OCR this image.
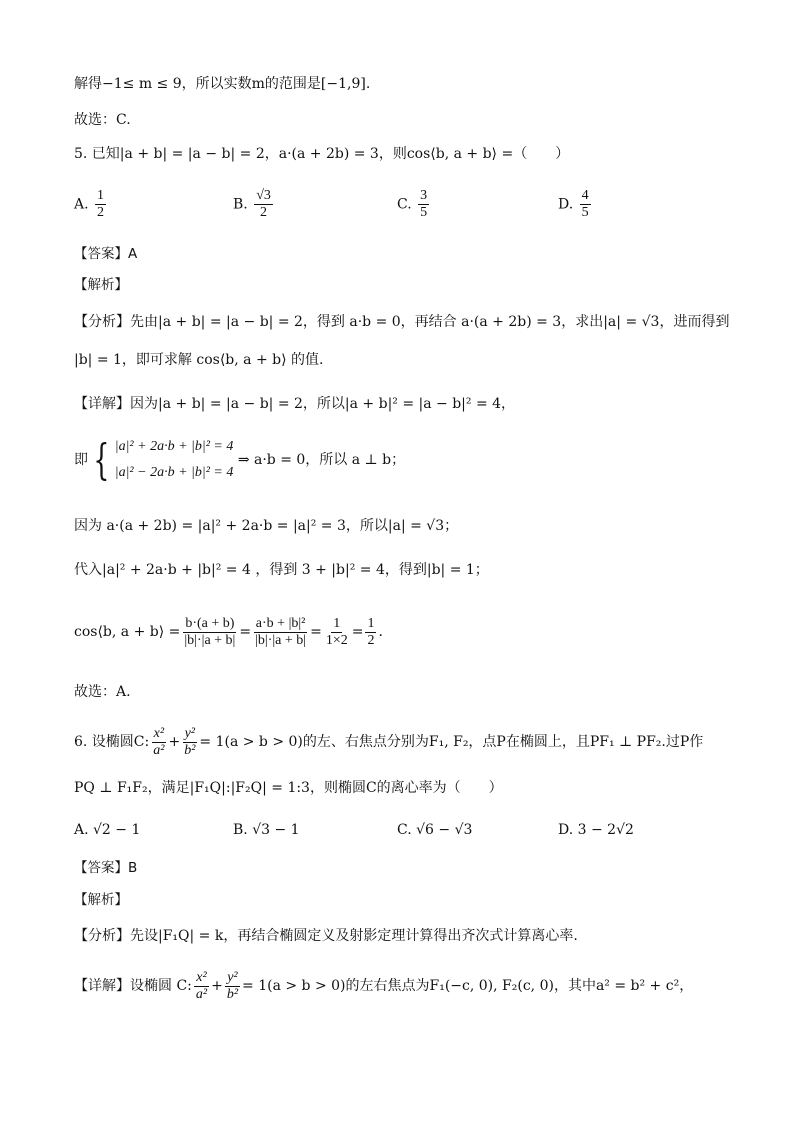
解得−1≤ m ≤ 9，所以实数m的范围是[−1,9].
故选：C.
5. 已知|a + b| = |a − b| = 2，a·(a + 2b) = 3，则cos⟨b, a + b⟩ =（　　）
A. $\frac{1}{2}$	B. $\frac{√3}{2}$	C. $\frac{3}{5}$	D. $\frac{4}{5}$
【答案】A
【解析】
【分析】先由|a + b| = |a − b| = 2，得到 a·b = 0，再结合 a·(a + 2b) = 3，求出|a| = √3，进而得到
|b| = 1，即可求解 cos⟨b, a + b⟩ 的值.
【详解】因为|a + b| = |a − b| = 2，所以|a + b|² = |a − b|² = 4，
即 { |a|² + 2a·b + |b|² = 4
|a|² − 2a·b + |b|² = 4
⇒ a·b = 0，所以 a ⊥ b；
因为 a·(a + 2b) = |a|² + 2a·b = |a|² = 3，所以|a| = √3；
代入|a|² + 2a·b + |b|² = 4 ，得到 3 + |b|² = 4，得到|b| = 1；
cos⟨b, a + b⟩ = $\frac{b\cdot(a + b)}{|b|\cdot|a + b|} = \frac{\text{a·b + |b|²}}{|b|\cdot|a + b|} = \frac{1}{1\times 2} = \frac{1}{2}$ .
故选：A.
6. 设椭圆C: $\frac{\text{x²}}{\text{a²}} + \frac{\text{y²}}{\text{b²}} = 1(a > b > 0)$的左、右焦点分别为F₁, F₂，点P在椭圆上，且PF₁ ⊥ PF₂.过P作
PQ ⊥ F₁F₂，满足|F₁Q|:|F₂Q| = 1:3，则椭圆C的离心率为（　　）
A. √2 − 1	B. √3 − 1	C. √6 − √3	D. 3 − 2√2
【答案】B
【解析】
【分析】先设|F₁Q| = k，再结合椭圆定义及射影定理计算得出齐次式计算离心率.
【详解】设椭圆 C: $\frac{\text{x²}}{\text{a²}} + \frac{\text{y²}}{\text{b²}} = 1(a > b > 0)$的左右焦点为F₁(−c, 0), F₂(c, 0)，其中a² = b² + c²，
